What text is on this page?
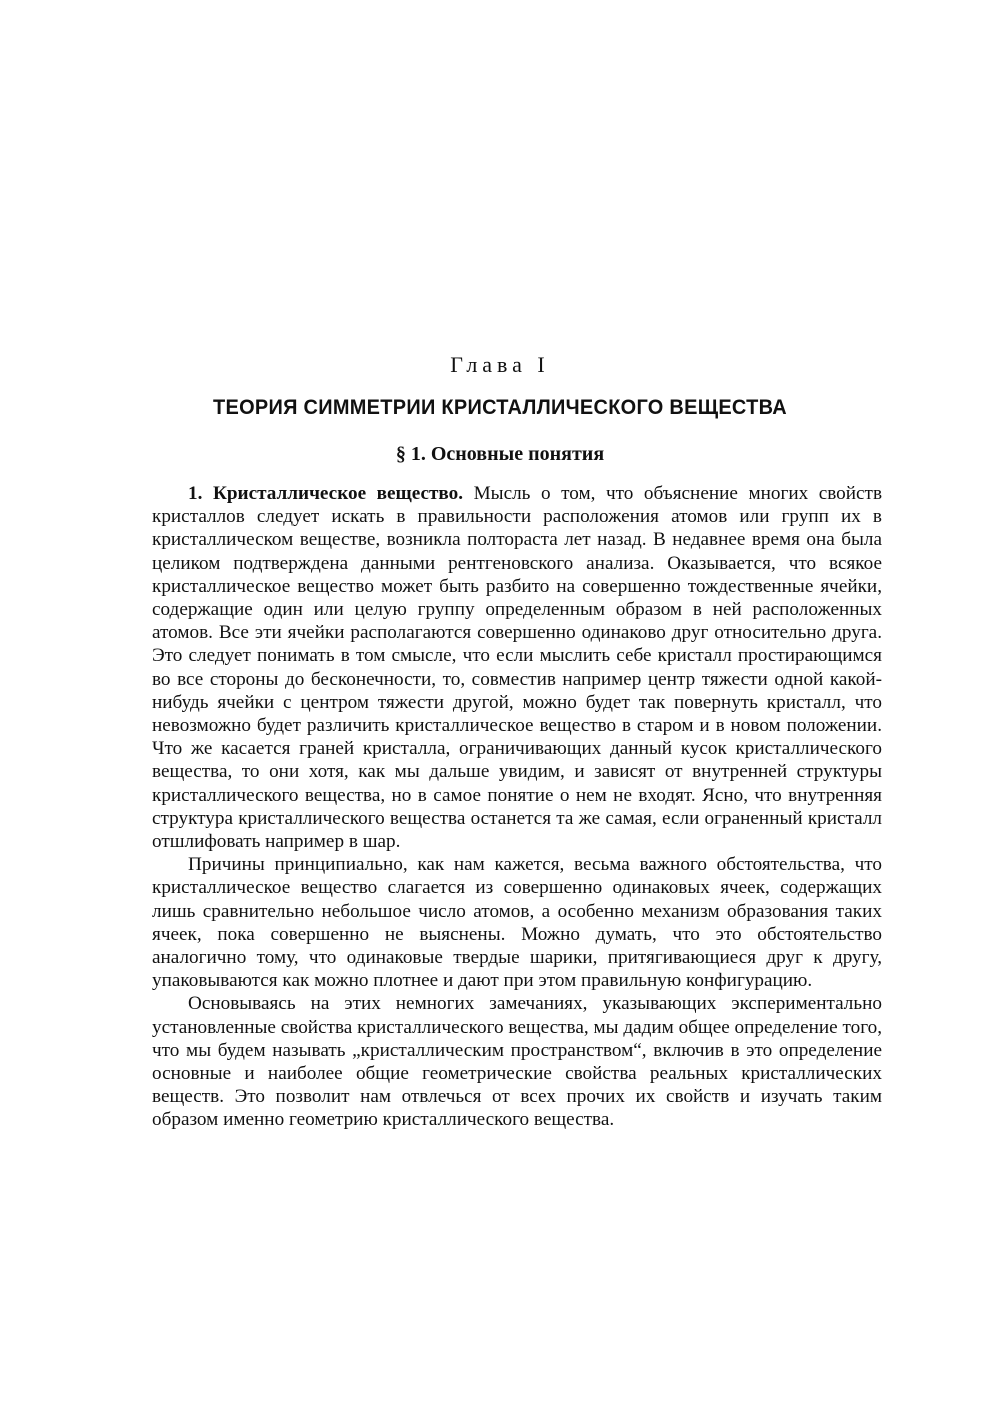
Глава I
ТЕОРИЯ СИММЕТРИИ КРИСТАЛЛИЧЕСКОГО ВЕЩЕСТВА
§ 1. Основные понятия

1. Кристаллическое вещество. Мысль о том, что объяснение многих свойств кристаллов следует искать в правильности расположения атомов или групп их в кристаллическом веществе, возникла полтораста лет назад. В недавнее время она была целиком подтверждена данными рентгеновского анализа. Оказывается, что всякое кристаллическое вещество может быть разбито на совершенно тождественные ячейки, содержащие один или целую группу определенным образом в ней расположенных атомов. Все эти ячейки располагаются совершенно одинаково друг относительно друга. Это следует понимать в том смысле, что если мыслить себе кристалл простирающимся во все стороны до бесконечности, то, совместив например центр тяжести одной какой-нибудь ячейки с центром тяжести другой, можно будет так повернуть кристалл, что невозможно будет различить кристаллическое вещество в старом и в новом положении. Что же касается граней кристалла, ограничивающих данный кусок кристаллического вещества, то они хотя, как мы дальше увидим, и зависят от внутренней структуры кристаллического вещества, но в самое понятие о нем не входят. Ясно, что внутренняя структура кристаллического вещества останется та же самая, если ограненный кристалл отшлифовать например в шар.

Причины принципиально, как нам кажется, весьма важного обстоятельства, что кристаллическое вещество слагается из совершенно одинаковых ячеек, содержащих лишь сравнительно небольшое число атомов, а особенно механизм образования таких ячеек, пока совершенно не выяснены. Можно думать, что это обстоятельство аналогично тому, что одинаковые твердые шарики, притягивающиеся друг к другу, упаковываются как можно плотнее и дают при этом правильную конфигурацию.

Основываясь на этих немногих замечаниях, указывающих экспериментально установленные свойства кристаллического вещества, мы дадим общее определение того, что мы будем называть „кристаллическим пространством“, включив в это определение основные и наиболее общие геометрические свойства реальных кристаллических веществ. Это позволит нам отвлечься от всех прочих их свойств и изучать таким образом именно геометрию кристаллического вещества.
